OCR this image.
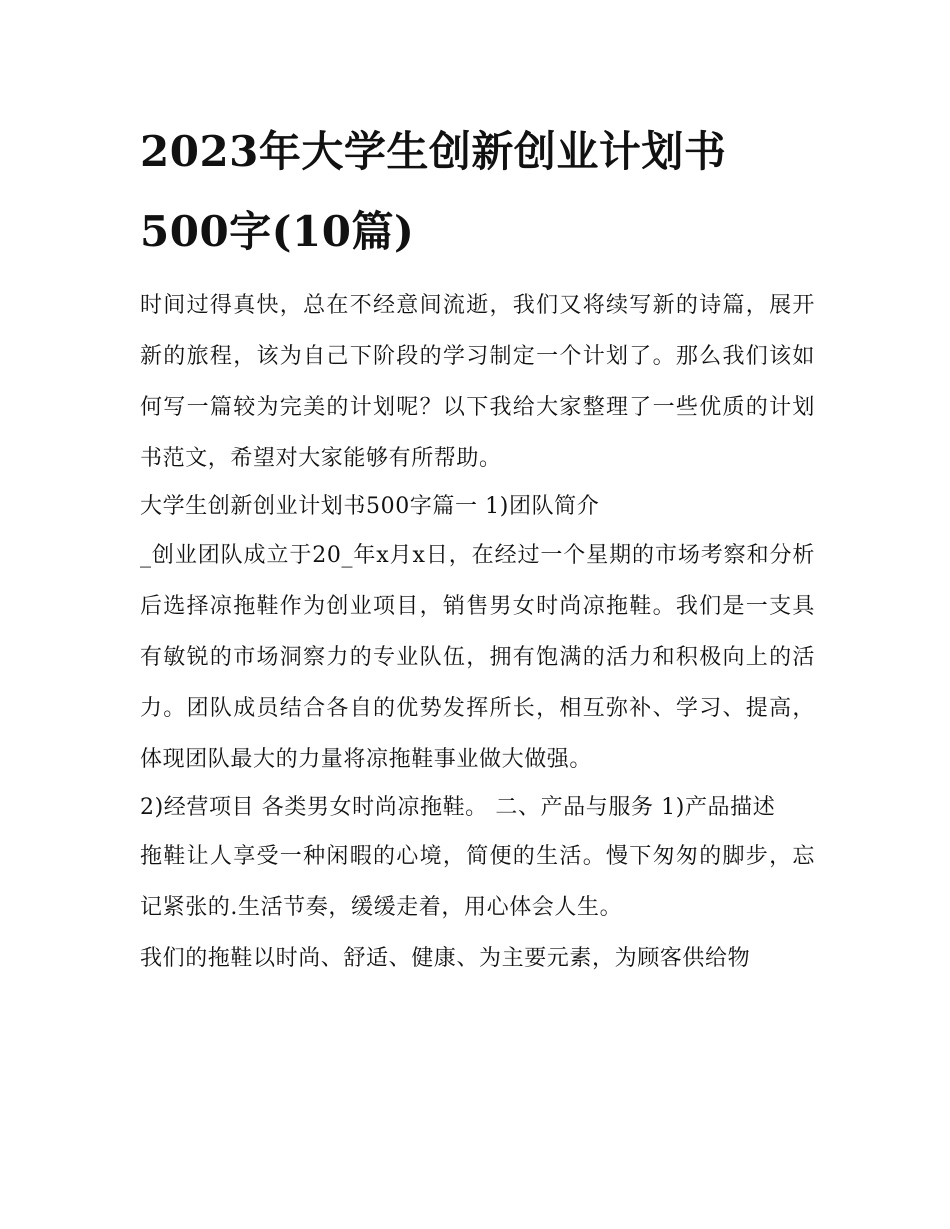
2023年大学生创新创业计划书500字(10篇)

时间过得真快，总在不经意间流逝，我们又将续写新的诗篇，展开新的旅程，该为自己下阶段的学习制定一个计划了。那么我们该如何写一篇较为完美的计划呢？以下我给大家整理了一些优质的计划书范文，希望对大家能够有所帮助。

大学生创新创业计划书500字篇一 1)团队简介

_创业团队成立于20_年x月x日，在经过一个星期的市场考察和分析后选择凉拖鞋作为创业项目，销售男女时尚凉拖鞋。我们是一支具有敏锐的市场洞察力的专业队伍，拥有饱满的活力和积极向上的活力。团队成员结合各自的优势发挥所长，相互弥补、学习、提高，体现团队最大的力量将凉拖鞋事业做大做强。

2)经营项目 各类男女时尚凉拖鞋。 二、产品与服务 1)产品描述

拖鞋让人享受一种闲暇的心境，简便的生活。慢下匆匆的脚步，忘记紧张的.生活节奏，缓缓走着，用心体会人生。

我们的拖鞋以时尚、舒适、健康、为主要元素，为顾客供给物
